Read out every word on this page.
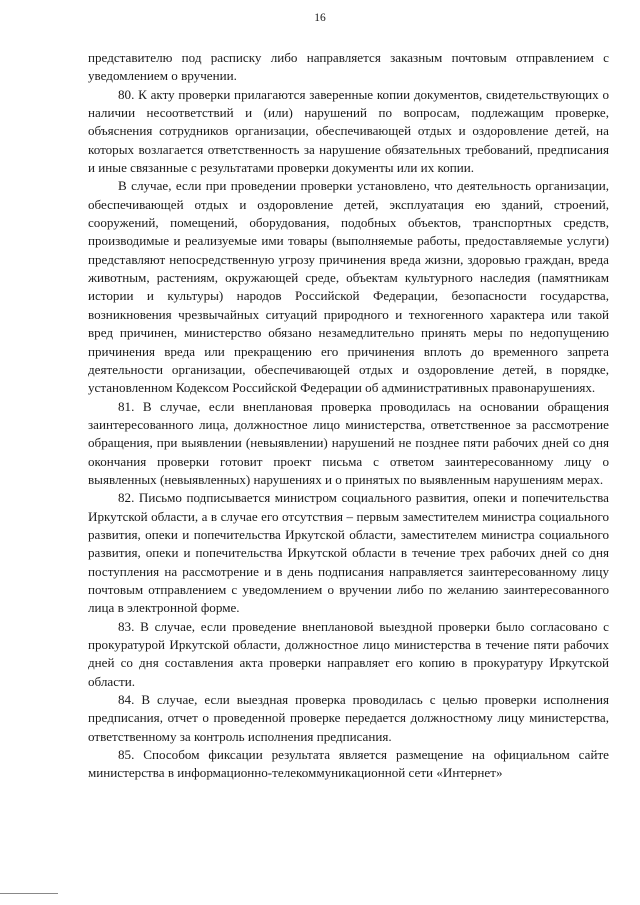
16

представителю под расписку либо направляется заказным почтовым отправлением с уведомлением о вручении.

80. К акту проверки прилагаются заверенные копии документов, свидетельствующих о наличии несоответствий и (или) нарушений по вопросам, подлежащим проверке, объяснения сотрудников организации, обеспечивающей отдых и оздоровление детей, на которых возлагается ответственность за нарушение обязательных требований, предписания и иные связанные с результатами проверки документы или их копии.

В случае, если при проведении проверки установлено, что деятельность организации, обеспечивающей отдых и оздоровление детей, эксплуатация ею зданий, строений, сооружений, помещений, оборудования, подобных объектов, транспортных средств, производимые и реализуемые ими товары (выполняемые работы, предоставляемые услуги) представляют непосредственную угрозу причинения вреда жизни, здоровью граждан, вреда животным, растениям, окружающей среде, объектам культурного наследия (памятникам истории и культуры) народов Российской Федерации, безопасности государства, возникновения чрезвычайных ситуаций природного и техногенного характера или такой вред причинен, министерство обязано незамедлительно принять меры по недопущению причинения вреда или прекращению его причинения вплоть до временного запрета деятельности организации, обеспечивающей отдых и оздоровление детей, в порядке, установленном Кодексом Российской Федерации об административных правонарушениях.

81. В случае, если внеплановая проверка проводилась на основании обращения заинтересованного лица, должностное лицо министерства, ответственное за рассмотрение обращения, при выявлении (невыявлении) нарушений не позднее пяти рабочих дней со дня окончания проверки готовит проект письма с ответом заинтересованному лицу о выявленных (невыявленных) нарушениях и о принятых по выявленным нарушениям мерах.

82. Письмо подписывается министром социального развития, опеки и попечительства Иркутской области, а в случае его отсутствия – первым заместителем министра социального развития, опеки и попечительства Иркутской области, заместителем министра социального развития, опеки и попечительства Иркутской области в течение трех рабочих дней со дня поступления на рассмотрение и в день подписания направляется заинтересованному лицу почтовым отправлением с уведомлением о вручении либо по желанию заинтересованного лица в электронной форме.

83. В случае, если проведение внеплановой выездной проверки было согласовано с прокуратурой Иркутской области, должностное лицо министерства в течение пяти рабочих дней со дня составления акта проверки направляет его копию в прокуратуру Иркутской области.

84. В случае, если выездная проверка проводилась с целью проверки исполнения предписания, отчет о проведенной проверке передается должностному лицу министерства, ответственному за контроль исполнения предписания.

85. Способом фиксации результата является размещение на официальном сайте министерства в информационно-телекоммуникационной сети «Интернет»
